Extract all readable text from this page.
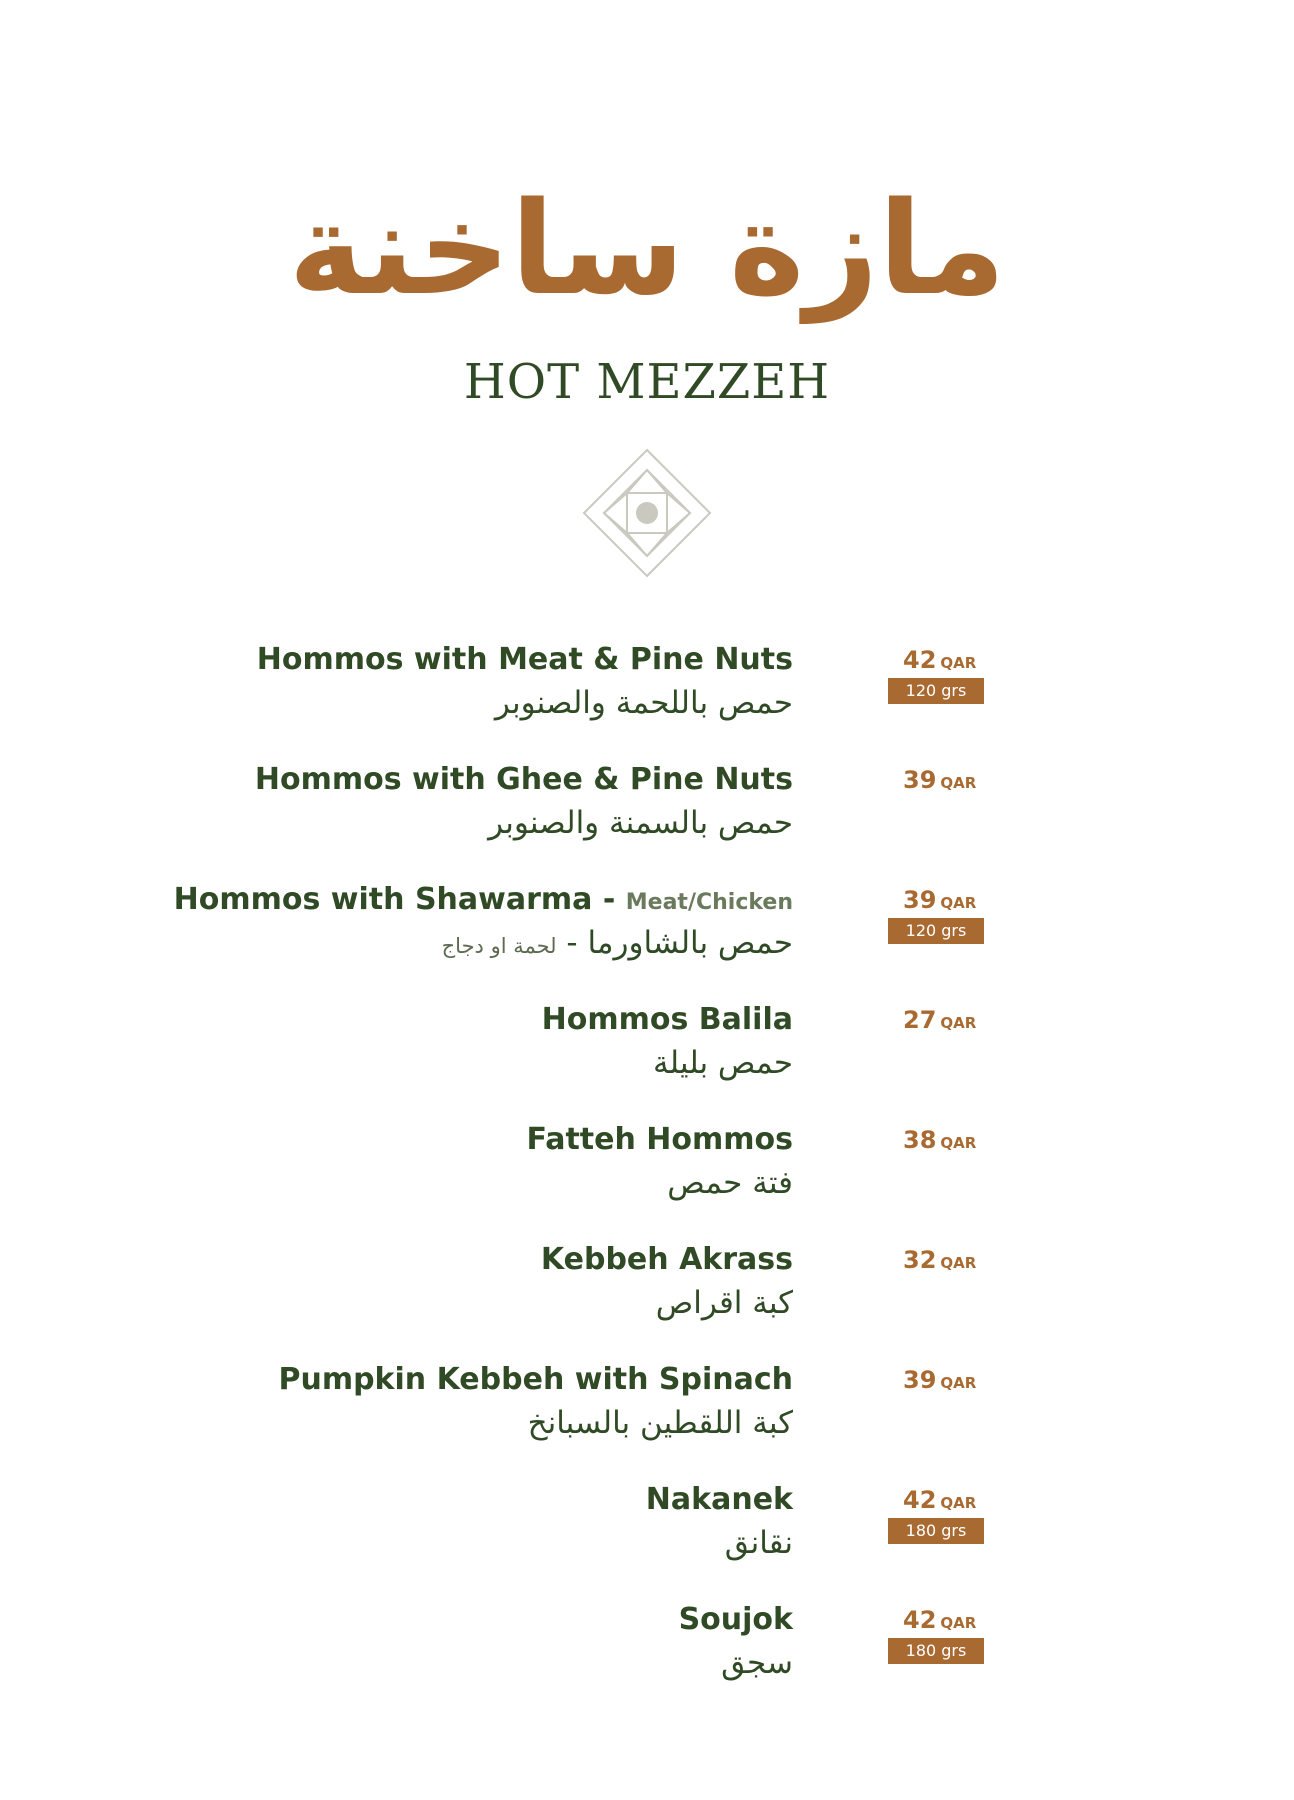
مازة ساخنة
HOT MEZZEH
Hommos with Meat & Pine Nuts
حمص باللحمة والصنوبر
42 QAR
120 grs
Hommos with Ghee & Pine Nuts
حمص بالسمنة والصنوبر
39 QAR
Hommos with Shawarma - Meat/Chicken
حمص بالشاورما - لحمة او دجاج
39 QAR
120 grs
Hommos Balila
حمص بليلة
27 QAR
Fatteh Hommos
فتة حمص
38 QAR
Kebbeh Akrass
كبة اقراص
32 QAR
Pumpkin Kebbeh with Spinach
كبة اللقطين بالسبانخ
39 QAR
Nakanek
نقانق
42 QAR
180 grs
Soujok
سجق
42 QAR
180 grs
